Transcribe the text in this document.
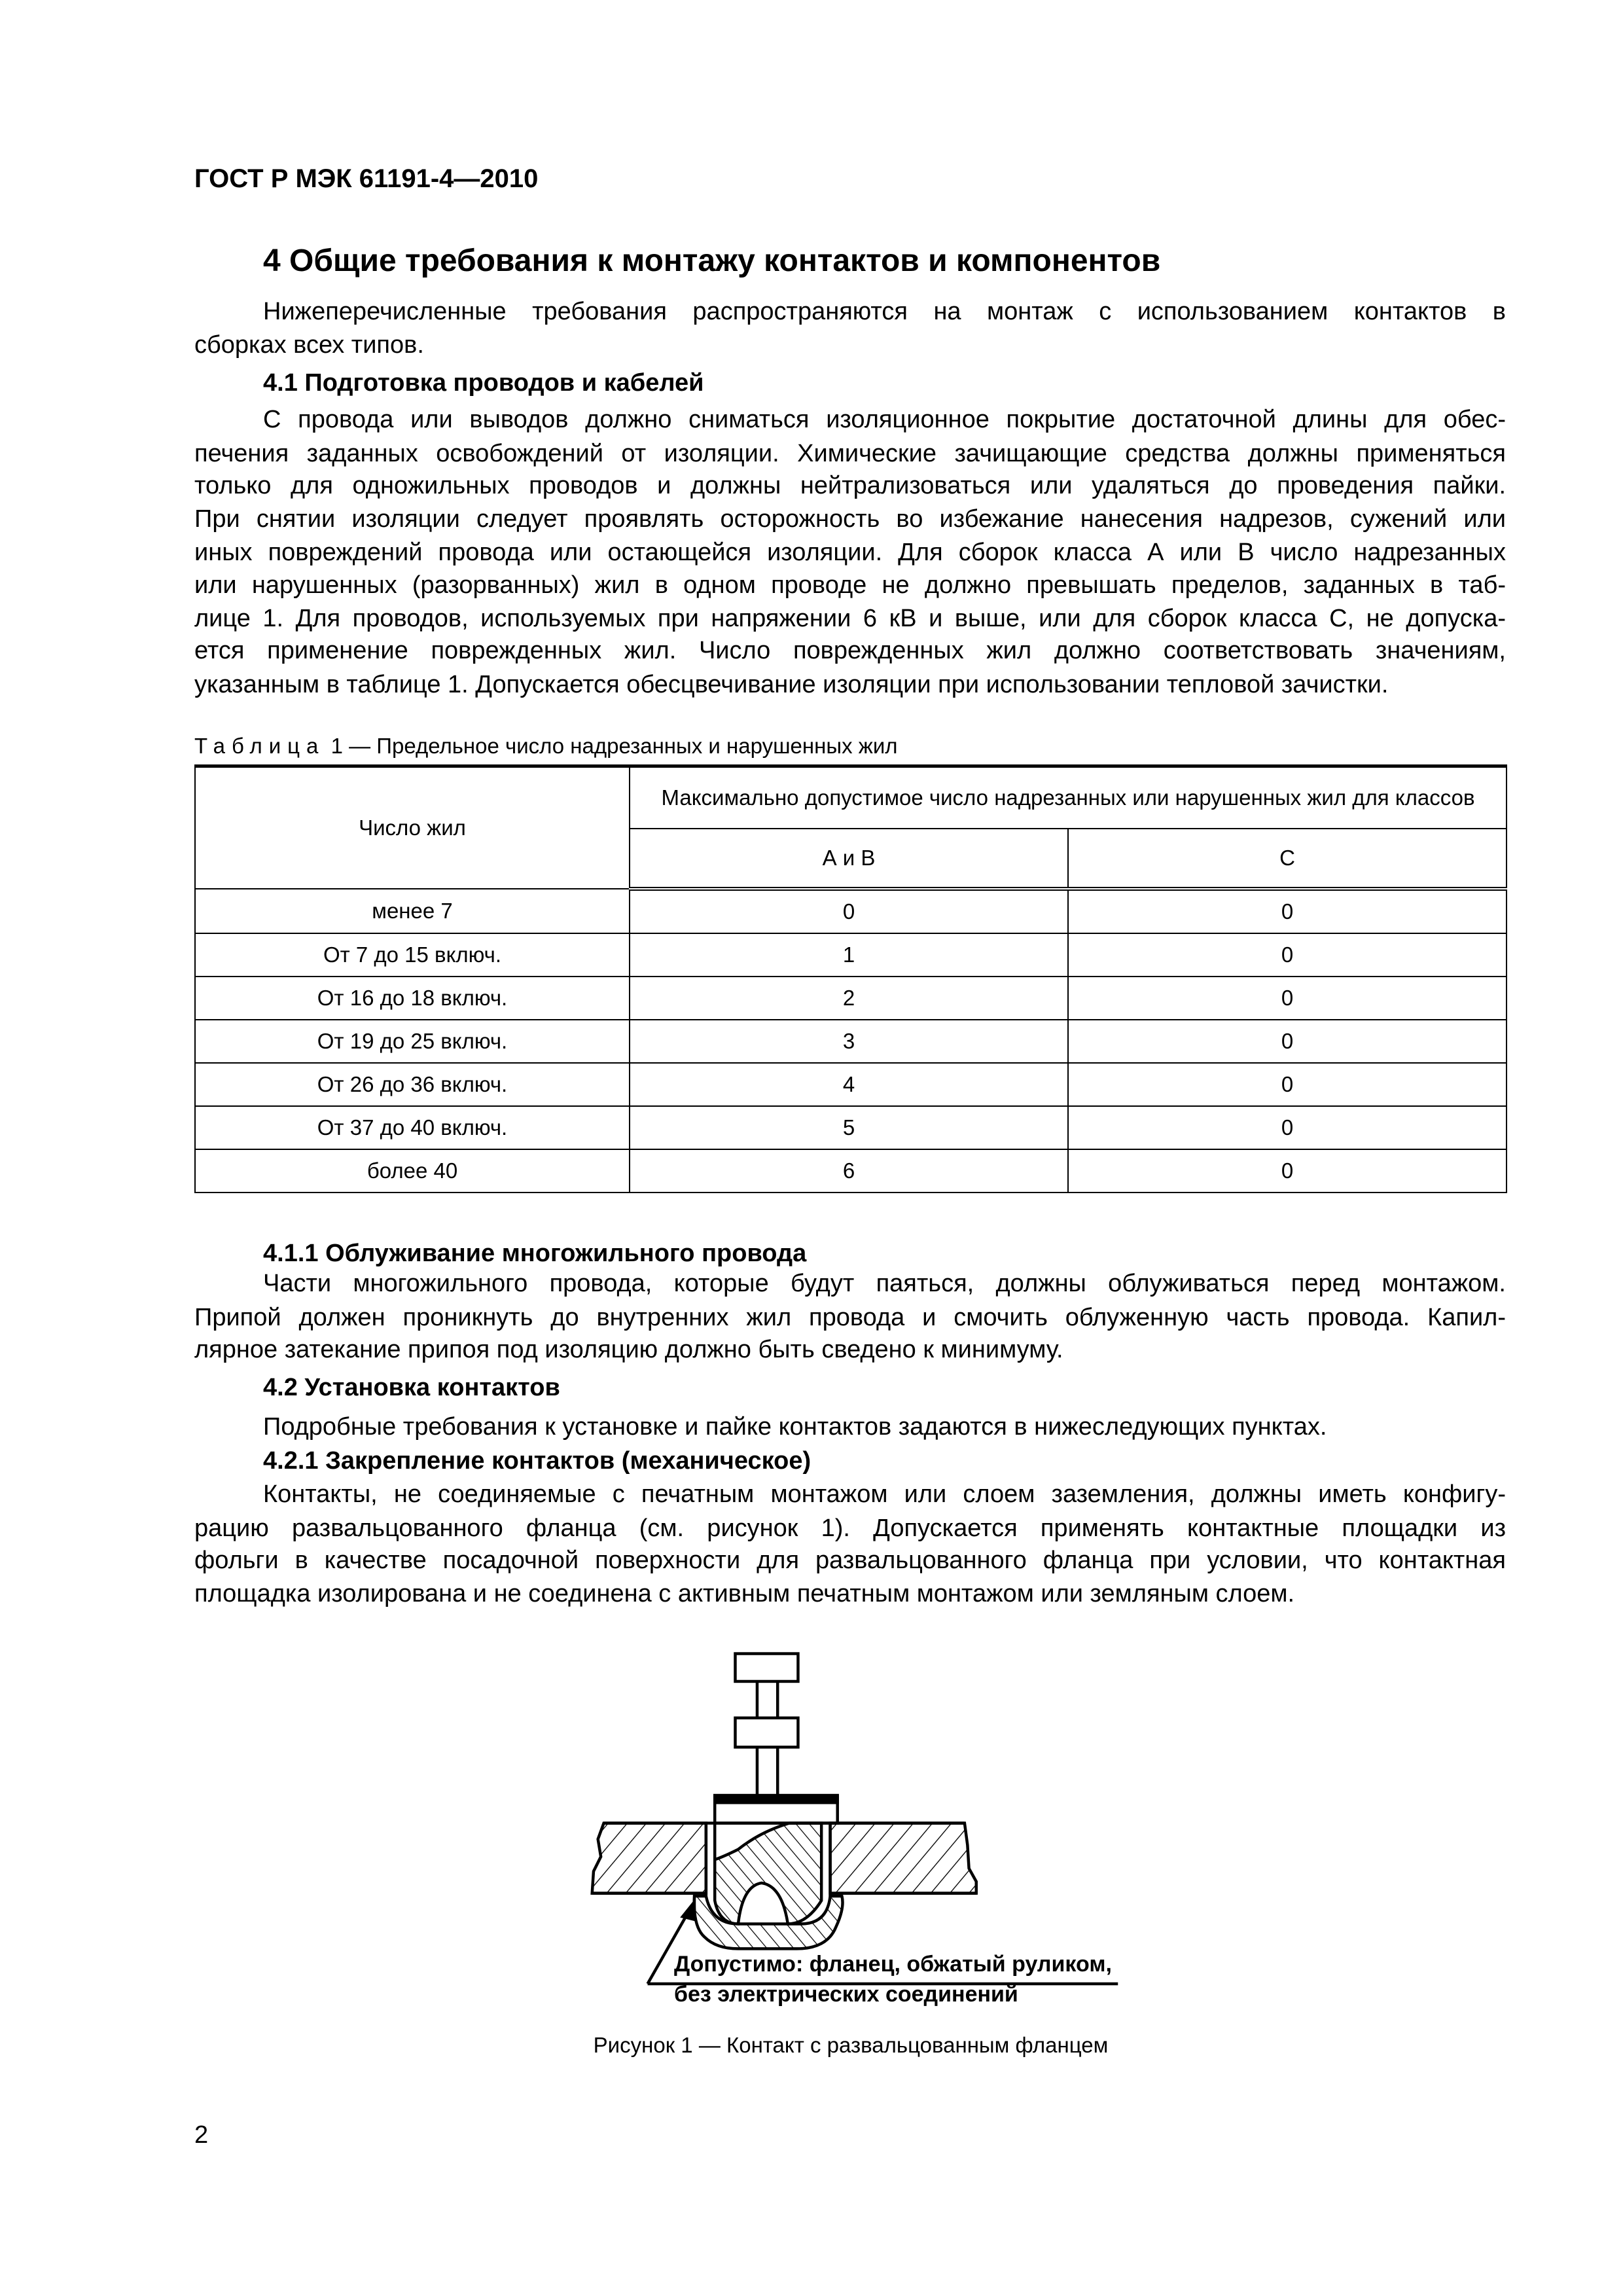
ГОСТ Р МЭК 61191-4—2010
4 Общие требования к монтажу контактов и компонентов
Нижеперечисленные требования распространяются на монтаж с использованием контактов в
сборках всех типов.
4.1 Подготовка проводов и кабелей
С провода или выводов должно сниматься изоляционное покрытие достаточной длины для обес-
печения заданных освобождений от изоляции. Химические зачищающие средства должны применяться
только для одножильных проводов и должны нейтрализоваться или удаляться до проведения пайки.
При снятии изоляции следует проявлять осторожность во избежание нанесения надрезов, сужений или
иных повреждений провода или остающейся изоляции. Для сборок класса А или В число надрезанных
или нарушенных (разорванных) жил в одном проводе не должно превышать пределов, заданных в таб-
лице 1. Для проводов, используемых при напряжении 6 кВ и выше, или для сборок класса С, не допуска-
ется применение поврежденных жил. Число поврежденных жил должно соответствовать значениям,
указанным в таблице 1. Допускается обесцвечивание изоляции при использовании тепловой зачистки.
Таблица 1 — Предельное число надрезанных и нарушенных жил
Число жил	Максимально допустимое число надрезанных или нарушенных жил для классов	
	А и В	С
менее 7	0	0
От 7 до 15 включ.	1	0
От 16 до 18 включ.	2	0
От 19 до 25 включ.	3	0
От 26 до 36 включ.	4	0
От 37 до 40 включ.	5	0
более 40	6	0
4.1.1 Облуживание многожильного провода
Части многожильного провода, которые будут паяться, должны облуживаться перед монтажом.
Припой должен проникнуть до внутренних жил провода и смочить облуженную часть провода. Капил-
лярное затекание припоя под изоляцию должно быть сведено к минимуму.
4.2 Установка контактов
Подробные требования к установке и пайке контактов задаются в нижеследующих пунктах.
4.2.1 Закрепление контактов (механическое)
Контакты, не соединяемые с печатным монтажом или слоем заземления, должны иметь конфигу-
рацию развальцованного фланца (см. рисунок 1). Допускается применять контактные площадки из
фольги в качестве посадочной поверхности для развальцованного фланца при условии, что контактная
площадка изолирована и не соединена с активным печатным монтажом или земляным слоем.
Допустимо: фланец, обжатый руликом,
без электрических соединений
Рисунок 1 — Контакт с развальцованным фланцем
2
